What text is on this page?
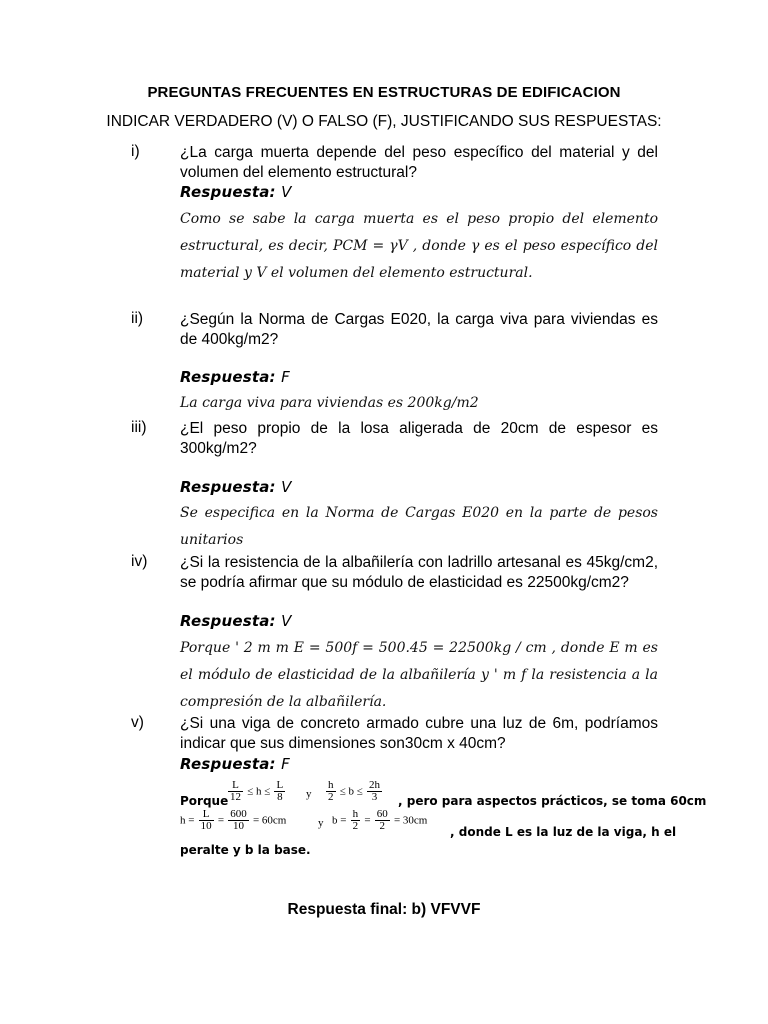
PREGUNTAS FRECUENTES EN ESTRUCTURAS DE EDIFICACION
INDICAR VERDADERO (V) O FALSO (F), JUSTIFICANDO SUS RESPUESTAS:
i)	¿La carga muerta depende del peso específico del material y del volumen del elemento estructural?
Respuesta: V
Como se sabe la carga muerta es el peso propio del elemento estructural, es decir, PCM = γV , donde γ es el peso específico del material y V el volumen del elemento estructural.
ii) ¿Según la Norma de Cargas E020, la carga viva para viviendas es de 400kg/m2?
Respuesta: F
La carga viva para viviendas es 200kg/m2
iii) ¿El peso propio de la losa aligerada de 20cm de espesor es 300kg/m2?
Respuesta: V
Se especifica en la Norma de Cargas E020 en la parte de pesos unitarios
iv) ¿Si la resistencia de la albañilería con ladrillo artesanal es 45kg/cm2, se podría afirmar que su módulo de elasticidad es 22500kg/cm2?
Respuesta: V
Porque ' 2 m m E = 500f = 500.45 = 22500kg / cm , donde E m es el módulo de elasticidad de la albañilería y ' m f la resistencia a la compresión de la albañilería.
v) ¿Si una viga de concreto armado cubre una luz de 6m, podríamos indicar que sus dimensiones son30cm x 40cm?
Respuesta: F
Porque $\frac{L}{12} \le h \le \frac{L}{8}$ y $\frac{h}{2} \le b \le \frac{2h}{3}$ , pero para aspectos prácticos, se toma 60cm
$h = \frac{L}{10} = \frac{600}{10} = 60cm$	y $b = \frac{h}{2} = \frac{60}{2} = 30cm$
, donde L es la luz de la viga, h el
peralte y b la base.
Respuesta final: b) VFVVF
